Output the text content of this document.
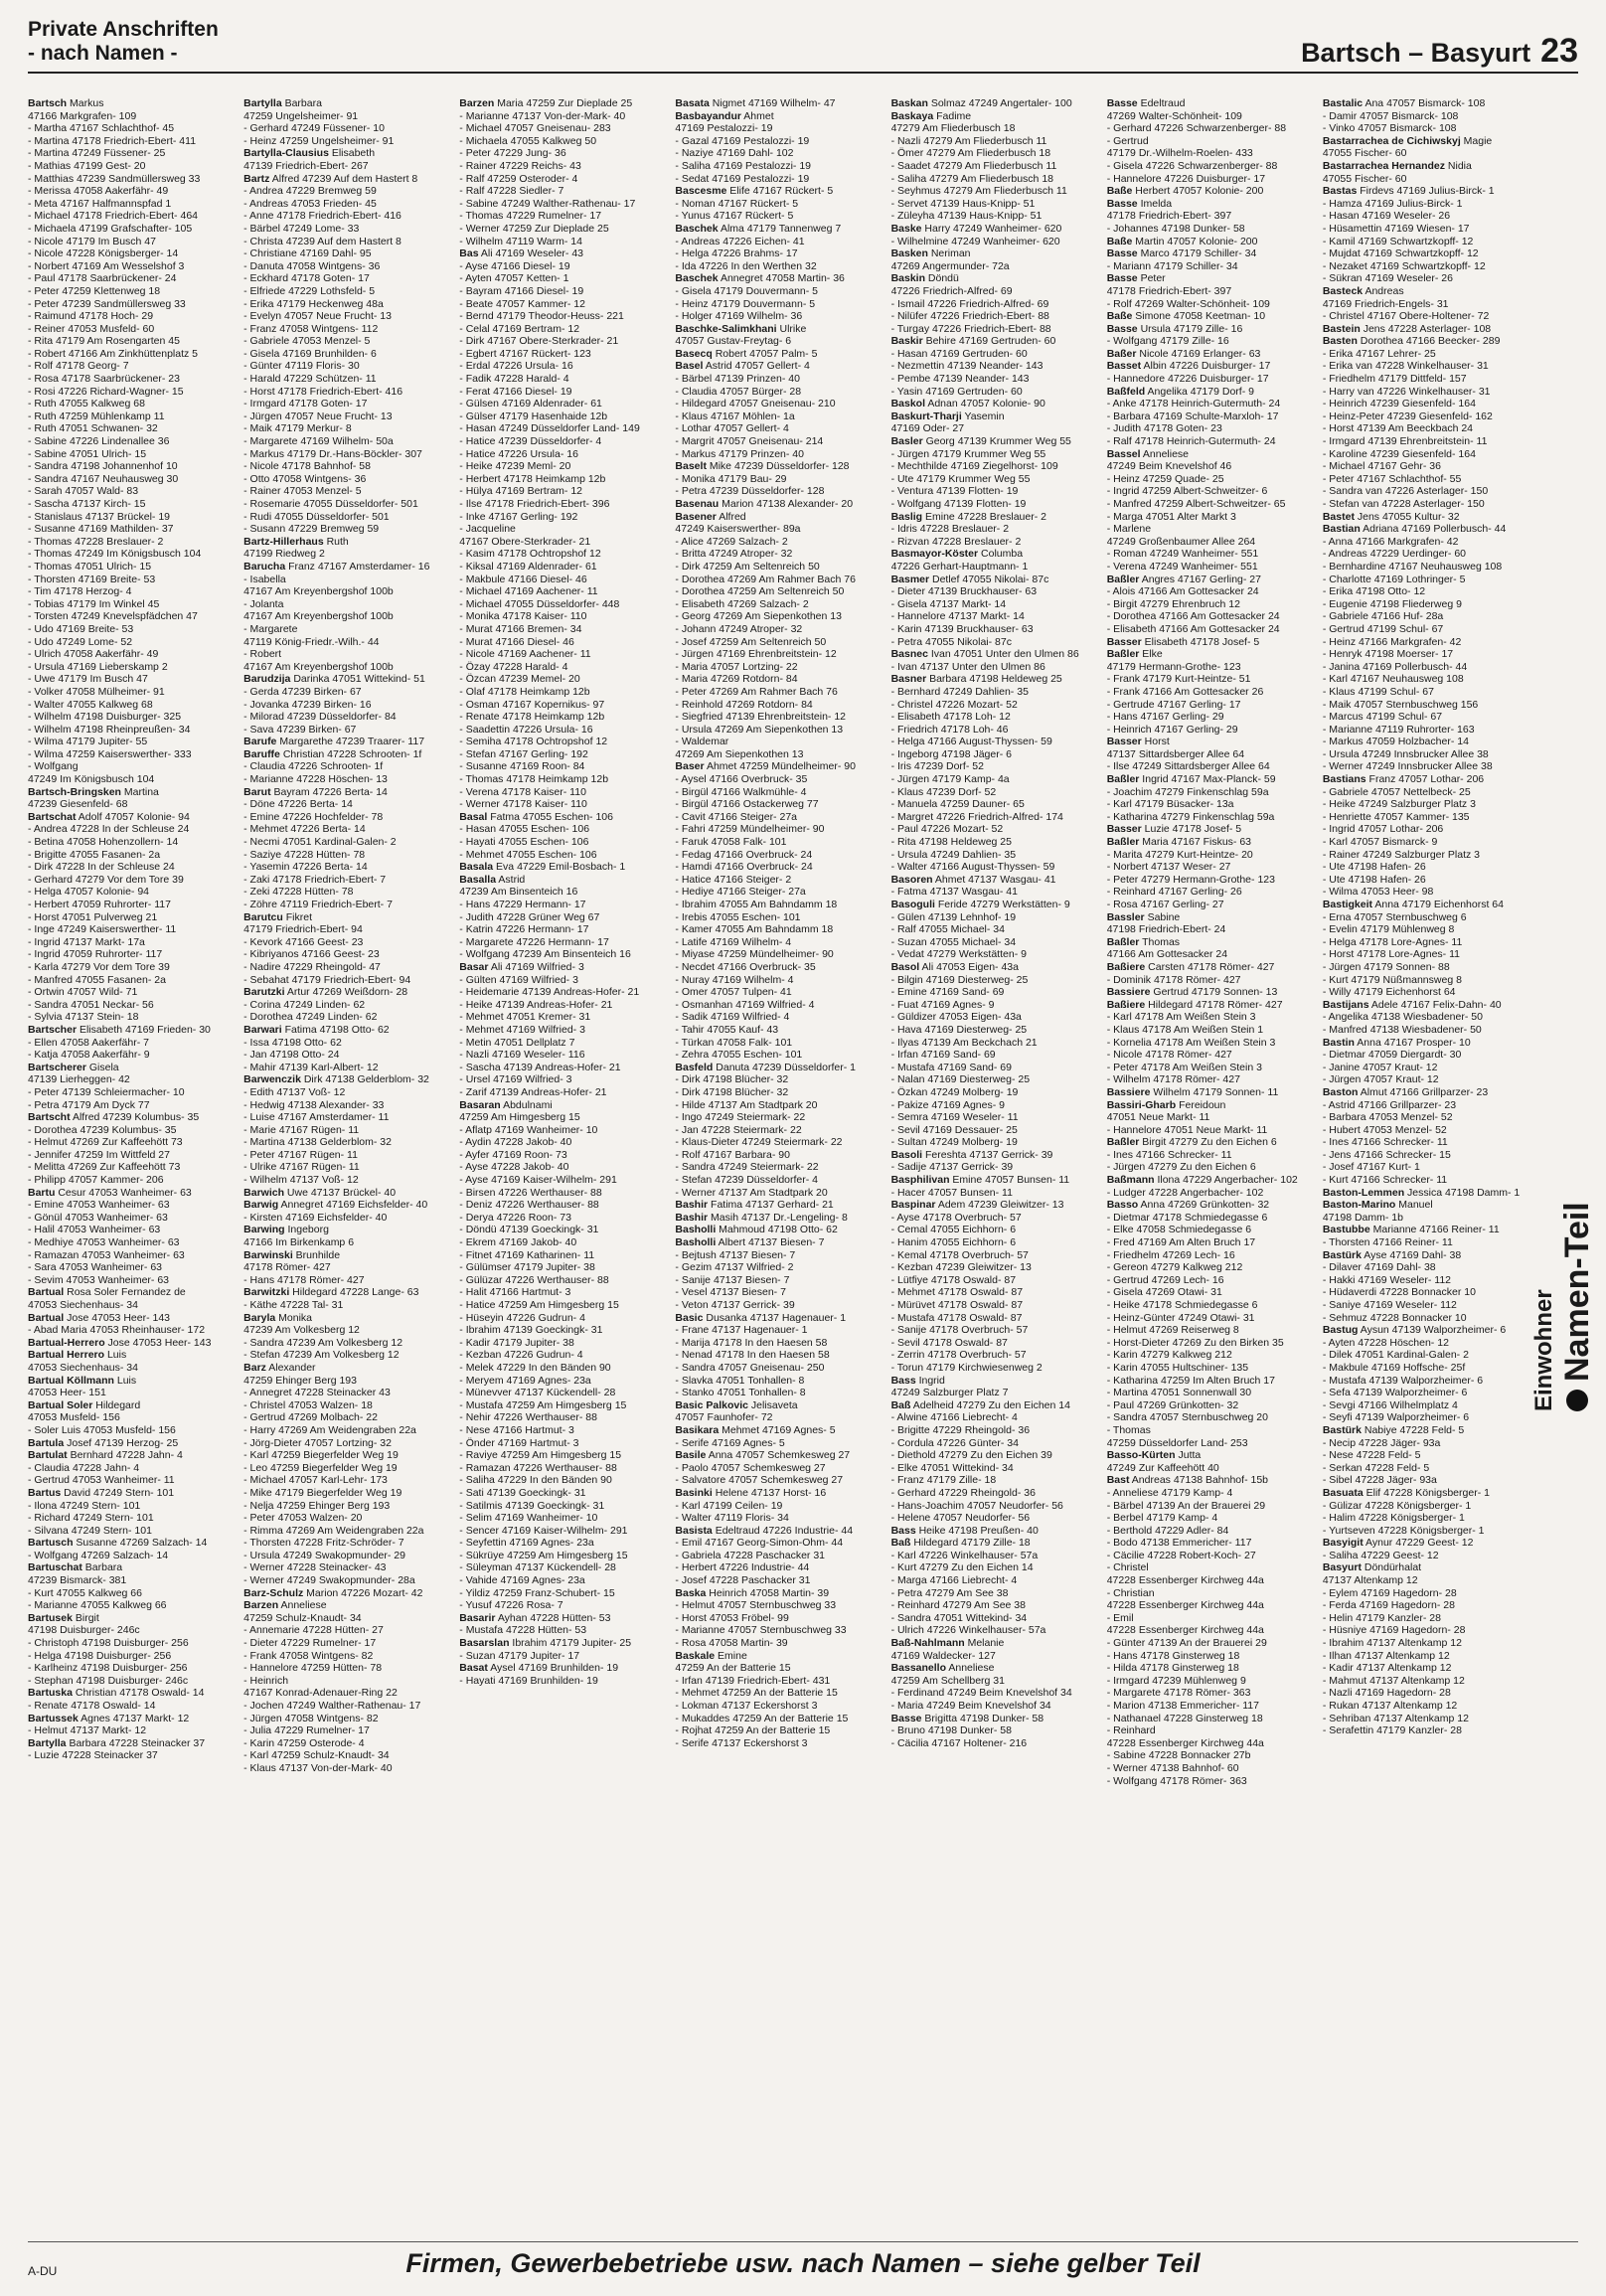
Private Anschriften
- nach Namen -	Bartsch – Basyurt 23
Bartsch Markus
47166 Markgrafen- 109
- Martha 47167 Schlachthof- 45
- Martina 47178 Friedrich-Ebert- 411
- Martina 47249 Füssener- 25
- Mathias 47199 Gest- 20
- Matthias 47239 Sandmüllersweg 33
- Merissa 47058 Aakerfähr- 49
- Meta 47167 Halfmannspfad 1
- Michael 47178 Friedrich-Ebert- 464
- Michaela 47199 Grafschafter- 105
- Nicole 47179 Im Busch 47
- Nicole 47228 Königsberger- 14
- Norbert 47169 Am Wesselshof 3
- Paul 47178 Saarbrückener- 24
- Peter 47259 Klettenweg 18
- Peter 47239 Sandmüllersweg 33
- Raimund 47178 Hoch- 29
- Reiner 47053 Musfeld- 60
- Rita 47179 Am Rosengarten 45
- Robert 47166 Am Zinkhüttenplatz 5
- Rolf 47178 Georg- 7
- Rosa 47178 Saarbrückener- 23
- Rosi 47226 Richard-Wagner- 15
- Ruth 47055 Kalkweg 68
- Ruth 47259 Mühlenkamp 11
- Ruth 47051 Schwanen- 32
- Sabine 47226 Lindenallee 36
- Sabine 47051 Ulrich- 15
- Sandra 47198 Johannenhof 10
- Sandra 47167 Neuhausweg 30
- Sarah 47057 Wald- 83
- Sascha 47137 Kirch- 15
- Stanislaus 47137 Brückel- 19
- Susanne 47169 Mathilden- 37
- Thomas 47228 Breslauer- 2
- Thomas 47249 Im Königsbusch 104
- Thomas 47051 Ulrich- 15
- Thorsten 47169 Breite- 53
- Tim 47178 Herzog- 4
- Tobias 47179 Im Winkel 45
- Torsten 47249 Knevelspfädchen 47
- Udo 47169 Breite- 53
- Udo 47249 Lome- 52
- Ulrich 47058 Aakerfähr- 49
- Ursula 47169 Lieberskamp 2
- Uwe 47179 Im Busch 47
- Volker 47058 Mülheimer- 91
- Walter 47055 Kalkweg 68
- Wilhelm 47198 Duisburger- 325
- Wilhelm 47198 Rheinpreußen- 34
- Wilma 47179 Jupiter- 55
- Wilma 47259 Kaiserswerther- 333
- Wolfgang
47249 Im Königsbusch 104
Bartsch-Bringsken Martina
47239 Giesenfeld- 68
Bartschat Adolf 47057 Kolonie- 94
- Andrea 47228 In der Schleuse 24
- Betina 47058 Hohenzollern- 14
- Brigitte 47055 Fasanen- 2a
- Dirk 47228 In der Schleuse 24
- Gerhard 47279 Vor dem Tore 39
- Helga 47057 Kolonie- 94
- Herbert 47059 Ruhrorter- 117
- Horst 47051 Pulverweg 21
- Inge 47249 Kaiserswerther- 11
- Ingrid 47137 Markt- 17a
- Ingrid 47059 Ruhrorter- 117
- Karla 47279 Vor dem Tore 39
- Manfred 47055 Fasanen- 2a
- Ortwin 47057 Wild- 71
- Sandra 47051 Neckar- 56
- Sylvia 47137 Stein- 18
Bartscher Elisabeth 47169 Frieden- 30
- Ellen 47058 Aakerfähr- 7
- Katja 47058 Aakerfähr- 9
Bartscherer Gisela
47139 Lierheggen- 42
- Peter 47139 Schleiermacher- 10
- Petra 47179 Am Dyck 77
Bartscht Alfred 47239 Kolumbus- 35
- Dorothea 47239 Kolumbus- 35
- Helmut 47269 Zur Kaffeehött 73
- Jennifer 47259 Im Wittfeld 27
- Melitta 47269 Zur Kaffeehött 73
- Philipp 47057 Kammer- 206
Bartu Cesur 47053 Wanheimer- 63
- Emine 47053 Wanheimer- 63
- Gönül 47053 Wanheimer- 63
- Halil 47053 Wanheimer- 63
- Medhiye 47053 Wanheimer- 63
- Ramazan 47053 Wanheimer- 63
- Sara 47053 Wanheimer- 63
- Sevim 47053 Wanheimer- 63
Bartual Rosa Soler Fernandez de
47053 Siechenhaus- 34
Bartual Jose 47053 Heer- 143
- Abad Maria 47053 Rheinhauser- 172
Bartual-Herrero Jose 47053 Heer- 143
Bartual Herrero Luis
47053 Siechenhaus- 34
Bartual Köllmann Luis
47053 Heer- 151
Bartual Soler Hildegard
47053 Musfeld- 156
- Soler Luis 47053 Musfeld- 156
Bartula Josef 47139 Herzog- 25
Bartulat Bernhard 47228 Jahn- 4
- Claudia 47228 Jahn- 4
- Gertrud 47053 Wanheimer- 11
Bartus David 47249 Stern- 101
- Ilona 47249 Stern- 101
- Richard 47249 Stern- 101
- Silvana 47249 Stern- 101
Bartusch Susanne 47269 Salzach- 14
- Wolfgang 47269 Salzach- 14
Bartuschat Barbara
47239 Bismarck- 381
- Kurt 47055 Kalkweg 66
- Marianne 47055 Kalkweg 66
Bartusek Birgit
47198 Duisburger- 246c
- Christoph 47198 Duisburger- 256
- Helga 47198 Duisburger- 256
- Karlheinz 47198 Duisburger- 256
- Stephan 47198 Duisburger- 246c
Bartuska Christian 47178 Oswald- 14
- Renate 47178 Oswald- 14
Bartussek Agnes 47137 Markt- 12
- Helmut 47137 Markt- 12
Bartylla Barbara 47228 Steinacker 37
- Luzie 47228 Steinacker 37
Bartylla Barbara
47259 Ungelsheimer- 91
- Gerhard 47249 Füssener- 10
- Heinz 47259 Ungelsheimer- 91
Bartylla-Clausius Elisabeth
47139 Friedrich-Ebert- 267
Bartz Alfred 47239 Auf dem Hastert 8
- Andrea 47229 Bremweg 59
- Andreas 47053 Frieden- 45
- Anne 47178 Friedrich-Ebert- 416
- Bärbel 47249 Lome- 33
- Christa 47239 Auf dem Hastert 8
- Christiane 47169 Dahl- 95
- Danuta 47058 Wintgens- 36
- Eckhard 47178 Goten- 17
- Elfriede 47229 Lothsfeld- 5
- Erika 47179 Heckenweg 48a
- Evelyn 47057 Neue Frucht- 13
- Franz 47058 Wintgens- 112
- Gabriele 47053 Menzel- 5
- Gisela 47169 Brunhilden- 6
- Günter 47119 Floris- 30
- Harald 47229 Schützen- 11
- Horst 47178 Friedrich-Ebert- 416
- Irmgard 47178 Goten- 17
- Jürgen 47057 Neue Frucht- 13
- Maik 47179 Merkur- 8
- Margarete 47169 Wilhelm- 50a
- Markus 47179 Dr.-Hans-Böckler- 307
- Nicole 47178 Bahnhof- 58
- Otto 47058 Wintgens- 36
- Rainer 47053 Menzel- 5
- Rosemarie 47055 Düsseldorfer- 501
- Rudi 47055 Düsseldorfer- 501
- Susann 47229 Bremweg 59
Bartz-Hillerhaus Ruth
47199 Riedweg 2
Barucha Franz 47167 Amsterdamer- 16
- Isabella
47167 Am Kreyenbergshof 100b
- Jolanta
47167 Am Kreyenbergshof 100b
- Margarete
47119 König-Friedr.-Wilh.- 44
- Robert
47167 Am Kreyenbergshof 100b
Barudzija Darinka 47051 Wittekind- 51
- Gerda 47239 Birken- 67
- Jovanka 47239 Birken- 16
- Milorad 47239 Düsseldorfer- 84
- Sava 47239 Birken- 67
Barufe Margarethe 47239 Traarer- 117
Baruffe Christian 47228 Schrooten- 1f
- Claudia 47226 Schrooten- 1f
- Marianne 47228 Höschen- 13
Barut Bayram 47226 Berta- 14
- Döne 47226 Berta- 14
- Emine 47226 Hochfelder- 78
- Mehmet 47226 Berta- 14
- Necmi 47051 Kardinal-Galen- 2
- Saziye 47228 Hütten- 78
- Yasemin 47226 Berta- 14
- Zaki 47178 Friedrich-Ebert- 7
- Zeki 47228 Hütten- 78
- Zöhre 47119 Friedrich-Ebert- 7
Barutcu Fikret
47179 Friedrich-Ebert- 94
- Kevork 47166 Geest- 23
- Kibriyanos 47166 Geest- 23
- Nadire 47229 Rheingold- 47
- Sebahat 47179 Friedrich-Ebert- 94
Barutzki Artur 47269 Weißdorn- 28
- Corina 47249 Linden- 62
- Dorothea 47249 Linden- 62
Barwari Fatima 47198 Otto- 62
- Issa 47198 Otto- 62
- Jan 47198 Otto- 24
- Mahir 47139 Karl-Albert- 12
Barwenczik Dirk 47138 Gelderblom- 32
- Edith 47137 Voß- 12
- Hedwig 47138 Alexander- 33
- Luise 47167 Amsterdamer- 11
- Marie 47167 Rügen- 11
- Martina 47138 Gelderblom- 32
- Peter 47167 Rügen- 11
- Ulrike 47167 Rügen- 11
- Wilhelm 47137 Voß- 12
Barwich Uwe 47137 Brückel- 40
Barwig Annegret 47169 Eichsfelder- 40
- Kirsten 47169 Eichsfelder- 40
Barwing Ingeborg
47166 Im Birkenkamp 6
Barwinski Brunhilde
47178 Römer- 427
- Hans 47178 Römer- 427
Barwitzki Hildegard 47228 Lange- 63
- Käthe 47228 Tal- 31
Baryla Monika
47239 Am Volkesberg 12
- Sandra 47239 Am Volkesberg 12
- Stefan 47239 Am Volkesberg 12
Barz Alexander
47259 Ehinger Berg 193
- Annegret 47228 Steinacker 43
- Christel 47053 Walzen- 18
- Gertrud 47269 Molbach- 22
- Harry 47269 Am Weidengraben 22a
- Jörg-Dieter 47057 Lortzing- 32
- Karl 47259 Biegerfelder Weg 19
- Leo 47259 Biegerfelder Weg 19
- Michael 47057 Karl-Lehr- 173
- Mike 47179 Biegerfelder Weg 19
- Nelja 47259 Ehinger Berg 193
- Peter 47053 Walzen- 20
- Rimma 47269 Am Weidengraben 22a
- Thorsten 47228 Fritz-Schröder- 7
- Ursula 47249 Swakopmunder- 29
- Werner 47228 Steinacker- 43
- Werner 47249 Swakopmunder- 28a
Barz-Schulz Marion 47226 Mozart- 42
Barzen Anneliese
47259 Schulz-Knaudt- 34
- Annemarie 47228 Hütten- 27
- Dieter 47229 Rumelner- 17
- Frank 47058 Wintgens- 82
- Hannelore 47259 Hütten- 78
- Heinrich
47167 Konrad-Adenauer-Ring 22
- Jochen 47249 Walther-Rathenau- 17
- Jürgen 47058 Wintgens- 82
- Julia 47229 Rumelner- 17
- Karin 47259 Osterode- 4
- Karl 47259 Schulz-Knaudt- 34
- Klaus 47137 Von-der-Mark- 40
Barzen Maria 47259 Zur Dieplade 25
- Marianne 47137 Von-der-Mark- 40
- Michael 47057 Gneisenau- 283
- Michaela 47055 Kalkweg 50
- Peter 47229 Jung- 36
- Rainer 47229 Reichs- 43
- Ralf 47259 Osteroder- 4
- Ralf 47228 Siedler- 7
- Sabine 47249 Walther-Rathenau- 17
- Thomas 47229 Rumelner- 17
- Werner 47259 Zur Dieplade 25
- Wilhelm 47119 Warm- 14
Bas Ali 47169 Weseler- 43
- Ayse 47166 Diesel- 19
- Ayten 47057 Ketten- 1
- Bayram 47166 Diesel- 19
- Beate 47057 Kammer- 12
- Bernd 47179 Theodor-Heuss- 221
- Celal 47169 Bertram- 12
- Dirk 47167 Obere-Sterkrader- 21
- Egbert 47167 Rückert- 123
- Erdal 47226 Ursula- 16
- Fadik 47228 Harald- 4
- Ferat 47166 Diesel- 19
- Gülsen 47169 Aldenrader- 61
- Gülser 47179 Hasenhaide 12b
- Hasan 47249 Düsseldorfer Land- 149
- Hatice 47239 Düsseldorfer- 4
- Hatice 47226 Ursula- 16
- Heike 47239 Meml- 20
- Herbert 47178 Heimkamp 12b
- Hülya 47169 Bertram- 12
- Ilse 47178 Friedrich-Ebert- 396
- Inke 47167 Gerling- 192
- Jacqueline
47167 Obere-Sterkrader- 21
- Kasim 47178 Ochtropshof 12
- Kiksal 47169 Aldenrader- 61
- Makbule 47166 Diesel- 46
- Michael 47169 Aachener- 11
- Michael 47055 Düsseldorfer- 448
- Monika 47178 Kaiser- 110
- Murat 47166 Bremen- 34
- Murat 47166 Diesel- 46
- Nicole 47169 Aachener- 11
- Özay 47228 Harald- 4
- Özcan 47239 Memel- 20
- Olaf 47178 Heimkamp 12b
- Osman 47167 Kopernikus- 97
- Renate 47178 Heimkamp 12b
- Saadettin 47226 Ursula- 16
- Semiha 47178 Ochtropshof 12
- Stefan 47167 Gerling- 192
- Susanne 47169 Roon- 84
- Thomas 47178 Heimkamp 12b
- Verena 47178 Kaiser- 110
- Werner 47178 Kaiser- 110
Basal Fatma 47055 Eschen- 106
- Hasan 47055 Eschen- 106
- Hayati 47055 Eschen- 106
- Mehmet 47055 Eschen- 106
Basala Eva 47229 Emil-Bosbach- 1
Basalla Astrid
47239 Am Binsenteich 16
- Hans 47229 Hermann- 17
- Judith 47228 Grüner Weg 67
- Katrin 47226 Hermann- 17
- Margarete 47226 Hermann- 17
- Wolfgang 47239 Am Binsenteich 16
Basar Ali 47169 Wilfried- 3
- Gülten 47169 Wilfried- 3
- Heidemarie 47139 Andreas-Hofer- 21
- Heike 47139 Andreas-Hofer- 21
- Mehmet 47051 Kremer- 31
- Mehmet 47169 Wilfried- 3
- Metin 47051 Dellplatz 7
- Nazli 47169 Weseler- 116
- Sascha 47139 Andreas-Hofer- 21
- Ursel 47169 Wilfried- 3
- Zarif 47139 Andreas-Hofer- 21
Basaran Abdulnami
47259 Am Himgesberg 15
- Aflatp 47169 Wanheimer- 10
- Aydin 47228 Jakob- 40
- Ayfer 47169 Roon- 73
- Ayse 47228 Jakob- 40
- Ayse 47169 Kaiser-Wilhelm- 291
- Birsen 47226 Werthauser- 88
- Deniz 47226 Werthauser- 88
- Derya 47226 Roon- 73
- Döndü 47139 Goeckingk- 31
- Ekrem 47169 Jakob- 40
- Fitnet 47169 Katharinen- 11
- Gülümser 47179 Jupiter- 38
- Gülüzar 47226 Werthauser- 88
- Halit 47166 Hartmut- 3
- Hatice 47259 Am Himgesberg 15
- Hüseyin 47226 Gudrun- 4
- Ibrahim 47139 Goeckingk- 31
- Kadir 47179 Jupiter- 38
- Kezban 47226 Gudrun- 4
- Melek 47229 In den Bänden 90
- Meryem 47169 Agnes- 23a
- Münevver 47137 Kückendell- 28
- Mustafa 47259 Am Himgesberg 15
- Nehir 47226 Werthauser- 88
- Nese 47166 Hartmut- 3
- Önder 47169 Hartmut- 3
- Raviye 47259 Am Himgesberg 15
- Ramazan 47226 Werthauser- 88
- Saliha 47229 In den Bänden 90
- Sati 47139 Goeckingk- 31
- Satilmis 47139 Goeckingk- 31
- Selim 47169 Wanheimer- 10
- Sencer 47169 Kaiser-Wilhelm- 291
- Seyfettin 47169 Agnes- 23a
- Sükrüye 47259 Am Himgesberg 15
- Süleyman 47137 Kückendell- 28
- Vahide 47169 Agnes- 23a
- Yildiz 47259 Franz-Schubert- 15
- Yusuf 47226 Rosa- 7
Basarir Ayhan 47228 Hütten- 53
- Mustafa 47228 Hütten- 53
Basarslan Ibrahim 47179 Jupiter- 25
- Suzan 47179 Jupiter- 17
Basat Aysel 47169 Brunhilden- 19
- Hayati 47169 Brunhilden- 19
Basata Nigmet 47169 Wilhelm- 47
Basbayandur Ahmet
47169 Pestalozzi- 19
- Gazal 47169 Pestalozzi- 19
- Naziye 47169 Dahl- 102
- Saliha 47169 Pestalozzi- 19
- Sedat 47169 Pestalozzi- 19
Bascesme Elife 47167 Rückert- 5
- Noman 47167 Rückert- 5
- Yunus 47167 Rückert- 5
Baschek Alma 47179 Tannenweg 7
- Andreas 47226 Eichen- 41
- Helga 47226 Brahms- 17
- Ida 47226 In den Werthen 32
Baschek Annegret 47058 Martin- 36
- Gisela 47179 Douvermann- 5
- Heinz 47179 Douvermann- 5
- Holger 47169 Wilhelm- 36
Baschke-Salimkhani Ulrike
47057 Gustav-Freytag- 6
Basecq Robert 47057 Palm- 5
Basel Astrid 47057 Gellert- 4
- Bärbel 47139 Prinzen- 40
- Claudia 47057 Bürger- 28
- Hildegard 47057 Gneisenau- 210
- Klaus 47167 Möhlen- 1a
- Lothar 47057 Gellert- 4
- Margrit 47057 Gneisenau- 214
- Markus 47179 Prinzen- 40
Baselt Mike 47239 Düsseldorfer- 128
- Monika 47179 Bau- 29
- Petra 47239 Düsseldorfer- 128
Basenau Marion 47138 Alexander- 20
Basener Alfred
47249 Kaiserswerther- 89a
- Alice 47269 Salzach- 2
- Britta 47249 Atroper- 32
- Dirk 47259 Am Seltenreich 50
- Dorothea 47269 Am Rahmer Bach 76
- Dorothea 47259 Am Seltenreich 50
- Elisabeth 47269 Salzach- 2
- Georg 47269 Am Siepenkothen 13
- Johann 47249 Atroper- 32
- Josef 47259 Am Seltenreich 50
- Jürgen 47169 Ehrenbreitstein- 12
- Maria 47057 Lortzing- 22
- Maria 47269 Rotdorn- 84
- Peter 47269 Am Rahmer Bach 76
- Reinhold 47269 Rotdorn- 84
- Siegfried 47139 Ehrenbreitstein- 12
- Ursula 47269 Am Siepenkothen 13
- Waldemar
47269 Am Siepenkothen 13
Baser Ahmet 47259 Mündelheimer- 90
- Aysel 47166 Overbruck- 35
- Birgül 47166 Walkmühle- 4
- Birgül 47166 Ostackerweg 77
- Cavit 47166 Steiger- 27a
- Fahri 47259 Mündelheimer- 90
- Faruk 47058 Falk- 101
- Fedag 47166 Overbruck- 24
- Hamdi 47166 Overbruck- 24
- Hatice 47166 Steiger- 2
- Hediye 47166 Steiger- 27a
- Ibrahim 47055 Am Bahndamm 18
- Irebis 47055 Eschen- 101
- Kamer 47055 Am Bahndamm 18
- Latife 47169 Wilhelm- 4
- Miyase 47259 Mündelheimer- 90
- Necdet 47166 Overbruck- 35
- Nuray 47169 Wilhelm- 4
- Omer 47057 Tulpen- 41
- Osmanhan 47169 Wilfried- 4
- Sadik 47169 Wilfried- 4
- Tahir 47055 Kauf- 43
- Türkan 47058 Falk- 101
- Zehra 47055 Eschen- 101
Basfeld Danuta 47239 Düsseldorfer- 1
- Dirk 47198 Blücher- 32
- Dirk 47198 Blücher- 32
- Hilde 47137 Am Stadtpark 20
- Ingo 47249 Steiermark- 22
- Jan 47228 Steiermark- 22
- Klaus-Dieter 47249 Steiermark- 22
- Rolf 47167 Barbara- 90
- Sandra 47249 Steiermark- 22
- Stefan 47239 Düsseldorfer- 4
- Werner 47137 Am Stadtpark 20
Bashir Fatima 47137 Gerhard- 21
Bashir Masih 47137 Dr.-Lengeling- 8
Basholli Mahmoud 47198 Otto- 62
Basholli Albert 47137 Biesen- 7
- Bejtush 47137 Biesen- 7
- Gezim 47137 Wilfried- 2
- Sanije 47137 Biesen- 7
- Vesel 47137 Biesen- 7
- Veton 47137 Gerrick- 39
Basic Dusanka 47137 Hagenauer- 1
- Frane 47137 Hagenauer- 1
- Marija 47178 In den Haesen 58
- Nenad 47178 In den Haesen 58
- Sandra 47057 Gneisenau- 250
- Slavka 47051 Tonhallen- 8
- Stanko 47051 Tonhallen- 8
Basic Palkovic Jelisaveta
47057 Faunhofer- 72
Basikara Mehmet 47169 Agnes- 5
- Serife 47169 Agnes- 5
Basile Anna 47057 Schemkesweg 27
- Paolo 47057 Schemkesweg 27
- Salvatore 47057 Schemkesweg 27
Basinki Helene 47137 Horst- 16
- Karl 47199 Ceilen- 19
- Walter 47119 Floris- 34
Basista Edeltraud 47226 Industrie- 44
- Emil 47167 Georg-Simon-Ohm- 44
- Gabriela 47228 Paschacker 31
- Herbert 47226 Industrie- 44
- Josef 47228 Paschacker 31
Baska Heinrich 47058 Martin- 39
- Helmut 47057 Sternbuschweg 33
- Horst 47053 Fröbel- 99
- Marianne 47057 Sternbuschweg 33
- Rosa 47058 Martin- 39
Baskale Emine
47259 An der Batterie 15
- Irfan 47139 Friedrich-Ebert- 431
- Mehmet 47259 An der Batterie 15
- Lokman 47137 Eckershorst 3
- Mukaddes 47259 An der Batterie 15
- Rojhat 47259 An der Batterie 15
- Serife 47137 Eckershorst 3
Baskan Solmaz 47249 Angertaler- 100
Baskaya Fadime
47279 Am Fliederbusch 18
- Nazli 47279 Am Fliederbusch 11
- Ömer 47279 Am Fliederbusch 18
- Saadet 47279 Am Fliederbusch 11
- Saliha 47279 Am Fliederbusch 18
- Seyhmus 47279 Am Fliederbusch 11
- Servet 47139 Haus-Knipp- 51
- Züleyha 47139 Haus-Knipp- 51
Baske Harry 47249 Wanheimer- 620
- Wilhelmine 47249 Wanheimer- 620
Basken Neriman
47269 Angermunder- 72a
Baskin Döndü
47226 Friedrich-Alfred- 69
- Ismail 47226 Friedrich-Alfred- 69
- Nilüfer 47226 Friedrich-Ebert- 88
- Turgay 47226 Friedrich-Ebert- 88
Baskir Behire 47169 Gertruden- 60
- Hasan 47169 Gertruden- 60
- Nezmettin 47139 Neander- 143
- Pembe 47139 Neander- 143
- Yasin 47169 Gertruden- 60
Baskol Adnan 47057 Kolonie- 90
Baskurt-Tharji Yasemin
47169 Oder- 27
Basler Georg 47139 Krummer Weg 55
- Jürgen 47179 Krummer Weg 55
- Mechthilde 47169 Ziegelhorst- 109
- Ute 47179 Krummer Weg 55
- Ventura 47139 Flotten- 19
- Wolfgang 47139 Flotten- 19
Baslig Emine 47228 Breslauer- 2
- Idris 47228 Breslauer- 2
- Rizvan 47228 Breslauer- 2
Basmayor-Köster Columba
47226 Gerhart-Hauptmann- 1
Basmer Detlef 47055 Nikolai- 87c
- Dieter 47139 Bruckhauser- 63
- Gisela 47137 Markt- 14
- Hannelore 47137 Markt- 14
- Karin 47139 Bruckhauser- 63
- Petra 47055 Nikolai- 87c
Basnec Ivan 47051 Unter den Ulmen 86
- Ivan 47137 Unter den Ulmen 86
Basner Barbara 47198 Heldeweg 25
- Bernhard 47249 Dahlien- 35
- Christel 47226 Mozart- 52
- Elisabeth 47178 Loh- 12
- Friedrich 47178 Loh- 46
- Helga 47166 August-Thyssen- 59
- Ingeborg 47198 Jäger- 6
- Iris 47239 Dorf- 52
- Jürgen 47179 Kamp- 4a
- Klaus 47239 Dorf- 52
- Manuela 47259 Dauner- 65
- Margret 47226 Friedrich-Alfred- 174
- Paul 47226 Mozart- 52
- Rita 47198 Heldeweg 25
- Ursula 47249 Dahlien- 35
- Walter 47166 August-Thyssen- 59
Basoren Ahmet 47137 Wasgau- 41
- Fatma 47137 Wasgau- 41
Basoguli Feride 47279 Werkstätten- 9
- Gülen 47139 Lehnhof- 19
- Ralf 47055 Michael- 34
- Suzan 47055 Michael- 34
- Vedat 47279 Werkstätten- 9
Basol Ali 47053 Eigen- 43a
- Bilgin 47169 Diesterweg- 25
- Emine 47169 Sand- 69
- Fuat 47169 Agnes- 9
- Güldizer 47053 Eigen- 43a
- Hava 47169 Diesterweg- 25
- Ilyas 47139 Am Beckchach 21
- Irfan 47169 Sand- 69
- Mustafa 47169 Sand- 69
- Nalan 47169 Diesterweg- 25
- Özkan 47249 Molberg- 19
- Pakize 47169 Agnes- 9
- Semra 47169 Weseler- 11
- Sevil 47169 Dessauer- 25
- Sultan 47249 Molberg- 19
Basoli Fereshta 47137 Gerrick- 39
- Sadije 47137 Gerrick- 39
Basphilivan Emine 47057 Bunsen- 11
- Hacer 47057 Bunsen- 11
Baspinar Adem 47239 Gleiwitzer- 13
- Ayse 47178 Overbruch- 57
- Cemal 47055 Eichhorn- 6
- Hanim 47055 Eichhorn- 6
- Kemal 47178 Overbruch- 57
- Kezban 47239 Gleiwitzer- 13
- Lütfiye 47178 Oswald- 87
- Mehmet 47178 Oswald- 87
- Mürüvet 47178 Oswald- 87
- Mustafa 47178 Oswald- 87
- Sanije 47178 Overbruch- 57
- Sevil 47178 Oswald- 87
- Zerrin 47178 Overbruch- 57
- Torun 47179 Kirchwiesenweg 2
Bass Ingrid
47249 Salzburger Platz 7
Baß Adelheid 47279 Zu den Eichen 14
- Alwine 47166 Liebrecht- 4
- Brigitte 47229 Rheingold- 36
- Cordula 47226 Günter- 34
- Diethold 47279 Zu den Eichen 39
- Elke 47051 Wittekind- 34
- Franz 47179 Zille- 18
- Gerhard 47229 Rheingold- 36
- Hans-Joachim 47057 Neudorfer- 56
- Helene 47057 Neudorfer- 56
Bass Heike 47198 Preußen- 40
Baß Hildegard 47179 Zille- 18
- Karl 47226 Winkelhauser- 57a
- Kurt 47279 Zu den Eichen 14
- Marga 47166 Liebrecht- 4
- Petra 47279 Am See 38
- Reinhard 47279 Am See 38
- Sandra 47051 Wittekind- 34
- Ulrich 47226 Winkelhauser- 57a
Baß-Nahlmann Melanie
47169 Waldecker- 127
Bassanello Anneliese
47259 Am Schellberg 31
- Ferdinand 47249 Beim Knevelshof 34
- Maria 47249 Beim Knevelshof 34
Basse Brigitta 47198 Dunker- 58
- Bruno 47198 Dunker- 58
- Cäcilia 47167 Holtener- 216
Basse Edeltraud
47269 Walter-Schönheit- 109
- Gerhard 47226 Schwarzenberger- 88
- Gertrud
47179 Dr.-Wilhelm-Roelen- 433
- Gisela 47226 Schwarzenberger- 88
- Hannelore 47226 Duisburger- 17
Baße Herbert 47057 Kolonie- 200
Basse Imelda
47178 Friedrich-Ebert- 397
- Johannes 47198 Dunker- 58
Baße Martin 47057 Kolonie- 200
Basse Marco 47179 Schiller- 34
- Mariann 47179 Schiller- 34
Basse Peter
47178 Friedrich-Ebert- 397
- Rolf 47269 Walter-Schönheit- 109
Baße Simone 47058 Keetman- 10
Basse Ursula 47179 Zille- 16
- Wolfgang 47179 Zille- 16
Baßer Nicole 47169 Erlanger- 63
Basset Albin 47226 Duisburger- 17
- Hannedore 47226 Duisburger- 17
Baßfeld Angelika 47179 Dorf- 9
- Anke 47178 Heinrich-Gutermuth- 24
- Barbara 47169 Schulte-Marxloh- 17
- Judith 47178 Goten- 23
- Ralf 47178 Heinrich-Gutermuth- 24
Bassel Anneliese
47249 Beim Knevelshof 46
- Heinz 47259 Quade- 25
- Ingrid 47259 Albert-Schweitzer- 6
- Manfred 47259 Albert-Schweitzer- 65
- Marga 47051 Alter Markt 3
- Marlene
47249 Großenbaumer Allee 264
- Roman 47249 Wanheimer- 551
- Verena 47249 Wanheimer- 551
Baßler Angres 47167 Gerling- 27
- Alois 47166 Am Gottesacker 24
- Birgit 47279 Ehrenbruch 12
- Dorothea 47166 Am Gottesacker 24
- Elisabeth 47166 Am Gottesacker 24
Basser Elisabeth 47178 Josef- 5
Baßler Elke
47179 Hermann-Grothe- 123
- Frank 47179 Kurt-Heintze- 51
- Frank 47166 Am Gottesacker 26
- Gertrude 47167 Gerling- 17
- Hans 47167 Gerling- 29
- Heinrich 47167 Gerling- 29
Basser Horst
47137 Sittardsberger Allee 64
- Ilse 47249 Sittardsberger Allee 64
Baßler Ingrid 47167 Max-Planck- 59
- Joachim 47279 Finkenschlag 59a
- Karl 47179 Büsacker- 13a
- Katharina 47279 Finkenschlag 59a
Basser Luzie 47178 Josef- 5
Baßler Maria 47167 Fiskus- 63
- Marita 47279 Kurt-Heintze- 20
- Norbert 47137 Weser- 27
- Peter 47279 Hermann-Grothe- 123
- Reinhard 47167 Gerling- 26
- Rosa 47167 Gerling- 27
Bassler Sabine
47198 Friedrich-Ebert- 24
Baßler Thomas
47166 Am Gottesacker 24
Baßiere Carsten 47178 Römer- 427
- Dominik 47178 Römer- 427
Bassiere Gertrud 47179 Sonnen- 13
Baßiere Hildegard 47178 Römer- 427
- Karl 47178 Am Weißen Stein 3
- Klaus 47178 Am Weißen Stein 1
- Kornelia 47178 Am Weißen Stein 3
- Nicole 47178 Römer- 427
- Peter 47178 Am Weißen Stein 3
- Wilhelm 47178 Römer- 427
Bassiere Wilhelm 47179 Sonnen- 11
Bassiri-Gharb Fereidoun
47051 Neue Markt- 11
- Hannelore 47051 Neue Markt- 11
Baßler Birgit 47279 Zu den Eichen 6
- Ines 47166 Schrecker- 11
- Jürgen 47279 Zu den Eichen 6
Baßmann Ilona 47229 Angerbacher- 102
- Ludger 47228 Angerbacher- 102
Basso Anna 47269 Grünkotten- 32
- Dietmar 47178 Schmiedegasse 6
- Elke 47058 Schmiedegasse 6
- Fred 47169 Am Alten Bruch 17
- Friedhelm 47269 Lech- 16
- Gereon 47279 Kalkweg 212
- Gertrud 47269 Lech- 16
- Gisela 47269 Otawi- 31
- Heike 47178 Schmiedegasse 6
- Heinz-Günter 47249 Otawi- 31
- Helmut 47269 Reiserweg 8
- Horst-Dieter 47269 Zu den Birken 35
- Karin 47279 Kalkweg 212
- Karin 47055 Hultschiner- 135
- Katharina 47259 Im Alten Bruch 17
- Martina 47051 Sonnenwall 30
- Paul 47269 Grünkotten- 32
- Sandra 47057 Sternbuschweg 20
- Thomas
47259 Düsseldorfer Land- 253
Basso-Kürten Jutta
47249 Zur Kaffeehött 40
Bast Andreas 47138 Bahnhof- 15b
- Anneliese 47179 Kamp- 4
- Bärbel 47139 An der Brauerei 29
- Berbel 47179 Kamp- 4
- Berthold 47229 Adler- 84
- Bodo 47138 Emmericher- 117
- Cäcilie 47228 Robert-Koch- 27
- Christel
47228 Essenberger Kirchweg 44a
- Christian
47228 Essenberger Kirchweg 44a
- Emil
47228 Essenberger Kirchweg 44a
- Günter 47139 An der Brauerei 29
- Hans 47178 Ginsterweg 18
- Hilda 47178 Ginsterweg 18
- Irmgard 47239 Mühlenweg 9
- Margarete 47178 Römer- 363
- Marion 47138 Emmericher- 117
- Nathanael 47228 Ginsterweg 18
- Reinhard
47228 Essenberger Kirchweg 44a
- Sabine 47228 Bonnacker 27b
- Werner 47138 Bahnhof- 60
- Wolfgang 47178 Römer- 363
Bastalic Ana 47057 Bismarck- 108
- Damir 47057 Bismarck- 108
- Vinko 47057 Bismarck- 108
Bastarrachea de Cichiwskyj Magie
47055 Fischer- 60
Bastarrachea Hernandez Nidia
47055 Fischer- 60
Bastas Firdevs 47169 Julius-Birck- 1
- Hamza 47169 Julius-Birck- 1
- Hasan 47169 Weseler- 26
- Hüsamettin 47169 Wiesen- 17
- Kamil 47169 Schwartzkopff- 12
- Mujdat 47169 Schwartzkopff- 12
- Nezaket 47169 Schwartzkopff- 12
- Sükran 47169 Weseler- 26
Basteck Andreas
47169 Friedrich-Engels- 31
- Christel 47167 Obere-Holtener- 72
Bastein Jens 47228 Asterlager- 108
Basten Dorothea 47166 Beecker- 289
- Erika 47167 Lehrer- 25
- Erika van 47228 Winkelhauser- 31
- Friedhelm 47179 Dittfeld- 157
- Harry van 47226 Winkelhauser- 31
- Heinrich 47239 Giesenfeld- 164
- Heinz-Peter 47239 Giesenfeld- 162
- Horst 47139 Am Beeckbach 24
- Irmgard 47139 Ehrenbreitstein- 11
- Karoline 47239 Giesenfeld- 164
- Michael 47167 Gehr- 36
- Peter 47167 Schlachthof- 55
- Sandra van 47226 Asterlager- 150
- Stefan van 47228 Asterlager- 150
Bastet Jens 47055 Kultur- 32
Bastian Adriana 47169 Pollerbusch- 44
- Anna 47166 Markgrafen- 42
- Andreas 47229 Uerdinger- 60
- Bernhardine 47167 Neuhausweg 108
- Charlotte 47169 Lothringer- 5
- Erika 47198 Otto- 12
- Eugenie 47198 Fliederweg 9
- Gabriele 47166 Huf- 28a
- Gertrud 47199 Schul- 67
- Heinz 47166 Markgrafen- 42
- Henryk 47198 Moerser- 17
- Janina 47169 Pollerbusch- 44
- Karl 47167 Neuhausweg 108
- Klaus 47199 Schul- 67
- Maik 47057 Sternbuschweg 156
- Marcus 47199 Schul- 67
- Marianne 47119 Ruhrorter- 163
- Markus 47059 Holzbacher- 14
- Ursula 47249 Innsbrucker Allee 38
- Werner 47249 Innsbrucker Allee 38
Bastians Franz 47057 Lothar- 206
- Gabriele 47057 Nettelbeck- 25
- Heike 47249 Salzburger Platz 3
- Henriette 47057 Kammer- 135
- Ingrid 47057 Lothar- 206
- Karl 47057 Bismarck- 9
- Rainer 47249 Salzburger Platz 3
- Ute 47198 Hafen- 26
- Ute 47198 Hafen- 26
- Wilma 47053 Heer- 98
Bastigkeit Anna 47179 Eichenhorst 64
- Erna 47057 Sternbuschweg 6
- Evelin 47179 Mühlenweg 8
- Helga 47178 Lore-Agnes- 11
- Horst 47178 Lore-Agnes- 11
- Jürgen 47179 Sonnen- 88
- Kurt 47179 Nüßmannsweg 8
- Willy 47179 Eichenhorst 64
Bastijans Adele 47167 Felix-Dahn- 40
- Angelika 47138 Wiesbadener- 50
- Manfred 47138 Wiesbadener- 50
Bastin Anna 47167 Prosper- 10
- Dietmar 47059 Diergardt- 30
- Janine 47057 Kraut- 12
- Jürgen 47057 Kraut- 12
Baston Almut 47166 Grillparzer- 23
- Astrid 47166 Grillparzer- 23
- Barbara 47053 Menzel- 52
- Hubert 47053 Menzel- 52
- Ines 47166 Schrecker- 11
- Jens 47166 Schrecker- 15
- Josef 47167 Kurt- 1
- Kurt 47166 Schrecker- 11
Baston-Lemmen Jessica 47198 Damm- 1
Baston-Marino Manuel
47198 Damm- 1b
Bastubbe Marianne 47166 Reiner- 11
- Thorsten 47166 Reiner- 11
Bastürk Ayse 47169 Dahl- 38
- Dilaver 47169 Dahl- 38
- Hakki 47169 Weseler- 112
- Hüdaverdi 47228 Bonnacker 10
- Saniye 47169 Weseler- 112
- Sehmuz 47228 Bonnacker 10
Bastug Aysun 47139 Walporzheimer- 6
- Ayten 47228 Höschen- 12
- Dilek 47051 Kardinal-Galen- 2
- Makbule 47169 Hoffsche- 25f
- Mustafa 47139 Walporzheimer- 6
- Sefa 47139 Walporzheimer- 6
- Sevgi 47166 Wilhelmplatz 4
- Seyfi 47139 Walporzheimer- 6
Bastürk Nabiye 47228 Feld- 5
- Necip 47228 Jäger- 93a
- Nese 47228 Feld- 5
- Serkan 47228 Feld- 5
- Sibel 47228 Jäger- 93a
Basuata Elif 47228 Königsberger- 1
- Gülizar 47228 Königsberger- 1
- Halim 47228 Königsberger- 1
- Yurtseven 47228 Königsberger- 1
Basyigit Aynur 47229 Geest- 12
- Saliha 47229 Geest- 12
Basyurt Döndürhalat
47137 Altenkamp 12
- Eylem 47169 Hagedorn- 28
- Ferda 47169 Hagedorn- 28
- Helin 47179 Kanzler- 28
- Hüsniye 47169 Hagedorn- 28
- Ibrahim 47137 Altenkamp 12
- Ilhan 47137 Altenkamp 12
- Kadir 47137 Altenkamp 12
- Mahmut 47137 Altenkamp 12
- Nazli 47169 Hagedorn- 28
- Rukan 47137 Altenkamp 12
- Sehriban 47137 Altenkamp 12
- Serafettin 47179 Kanzler- 28
Einwohner Namen-Teil
A-DU	Firmen, Gewerbebetriebe usw. nach Namen – siehe gelber Teil
